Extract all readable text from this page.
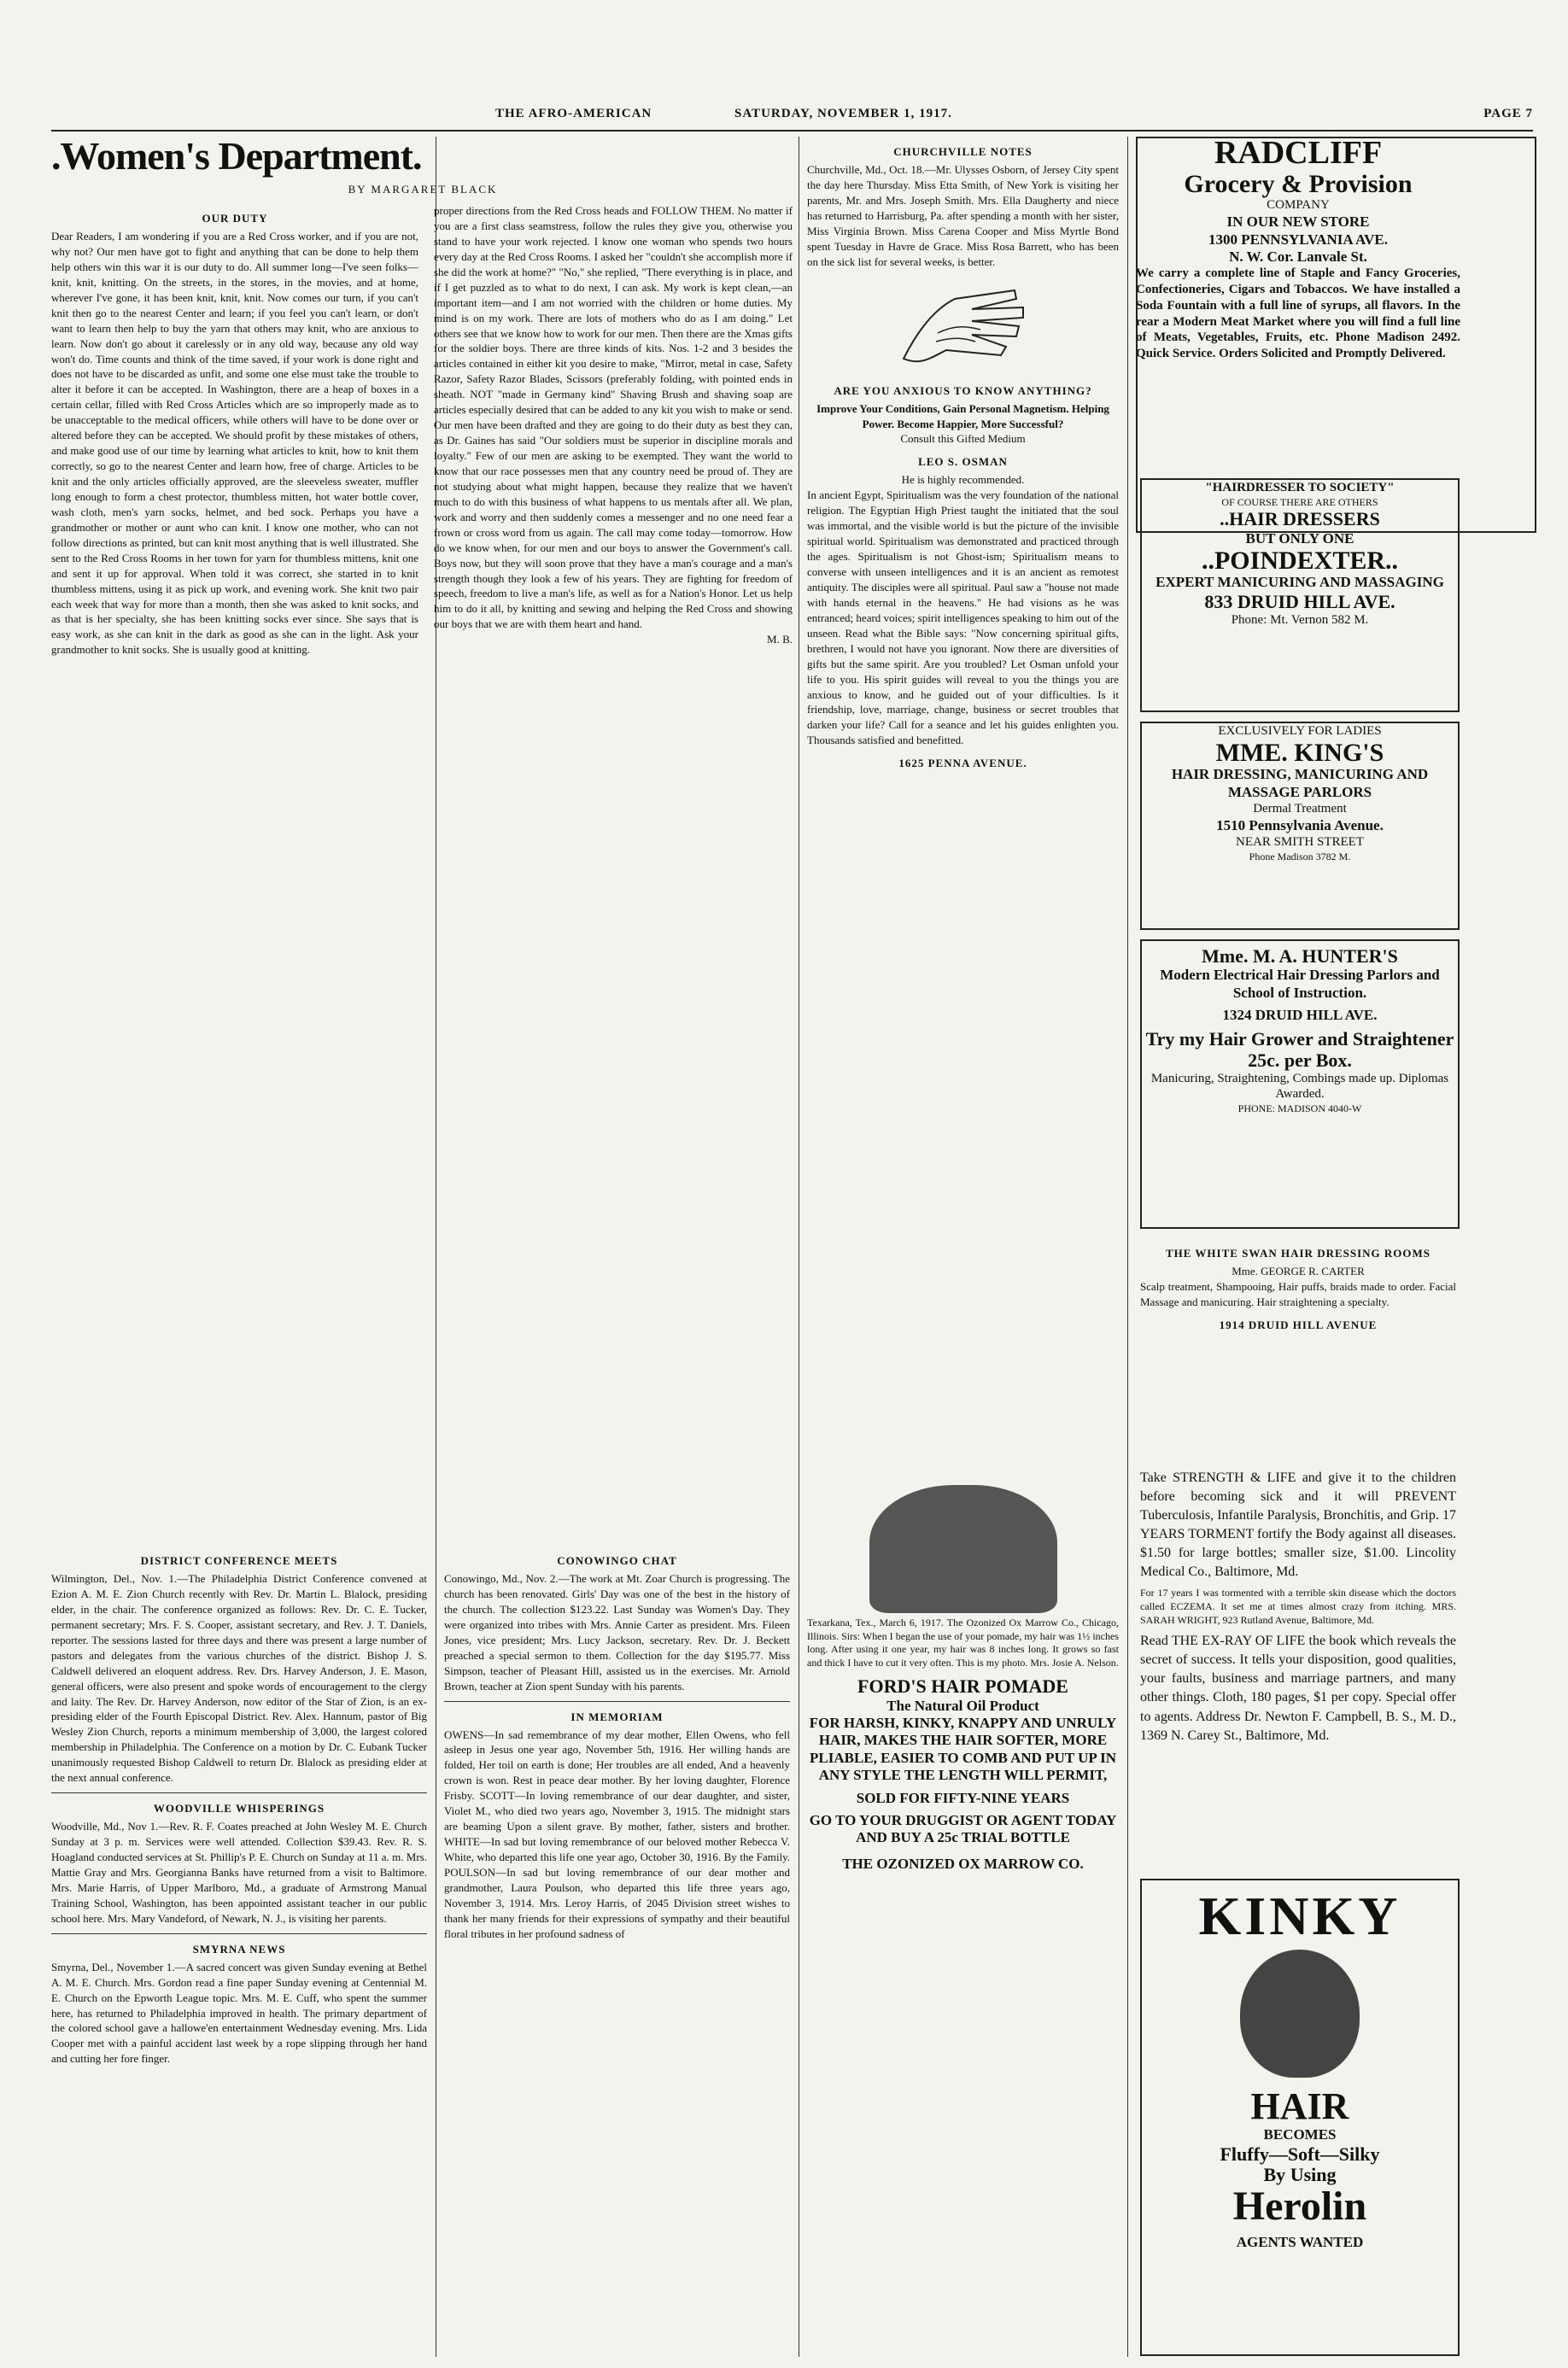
THE AFRO-AMERICAN	SATURDAY, NOVEMBER 1, 1917.	PAGE 7
.Women's Department.
BY MARGARET BLACK
OUR DUTY
Dear Readers, I am wondering if you are a Red Cross worker, and if you are not, why not? Our men have got to fight and anything that can be done to help them help others win this war it is our duty to do. All summer long—I've seen folks—knit, knit, knitting. On the streets, in the stores, in the movies, and at home, wherever I've gone, it has been knit, knit, knit. Now comes our turn, if you can't knit then go to the nearest Center and learn; if you feel you can't learn, or don't want to learn then help to buy the yarn that others may knit, who are anxious to learn. Now don't go about it carelessly or in any old way, because any old way won't do. Time counts and think of the time saved, if your work is done right and does not have to be discarded as unfit, and some one else must take the trouble to alter it before it can be accepted. In Washington, there are a heap of boxes in a certain cellar, filled with Red Cross Articles which are so improperly made as to be unacceptable to the medical officers, while others will have to be done over or altered before they can be accepted. We should profit by these mistakes of others, and make good use of our time by learning what articles to knit, how to knit them correctly, so go to the nearest Center and learn how, free of charge. Articles to be knit and the only articles officially approved, are the sleeveless sweater, muffler long enough to form a chest protector, thumbless mitten, hot water bottle cover, wash cloth, men's yarn socks, helmet, and bed sock. Perhaps you have a grandmother or mother or aunt who can knit. I know one mother, who can not follow directions as printed, but can knit most anything that is well illustrated. She sent to the Red Cross Rooms in her town for yarn for thumbless mittens, knit one and sent it up for approval. When told it was correct, she started in to knit thumbless mittens, using it as pick up work, and evening work. She knit two pair each week that way for more than a month, then she was asked to knit socks, and as that is her specialty, she has been knitting socks ever since. She says that is easy work, as she can knit in the dark as good as she can in the light. Ask your grandmother to knit socks. She is usually good at knitting.
proper directions from the Red Cross heads and FOLLOW THEM. No matter if you are a first class seamstress, follow the rules they give you, otherwise you stand to have your work rejected. I know one woman who spends two hours every day at the Red Cross Rooms. I asked her "couldn't she accomplish more if she did the work at home?" "No," she replied, "There everything is in place, and if I get puzzled as to what to do next, I can ask. My work is kept clean,—an important item—and I am not worried with the children or home duties. My mind is on my work. There are lots of mothers who do as I am doing." Let others see that we know how to work for our men. Then there are the Xmas gifts for the soldier boys. There are three kinds of kits. Nos. 1-2 and 3 besides the articles contained in either kit you desire to make, "Mirror, metal in case, Safety Razor, Safety Razor Blades, Scissors (preferably folding, with pointed ends in sheath. NOT "made in Germany kind" Shaving Brush and shaving soap are articles especially desired that can be added to any kit you wish to make or send. Our men have been drafted and they are going to do their duty as best they can, as Dr. Gaines has said "Our soldiers must be superior in discipline morals and loyalty." Few of our men are asking to be exempted. They want the world to know that our race possesses men that any country need be proud of. They are not studying about what might happen, because they realize that we haven't much to do with this business of what happens to us mentals after all. We plan, work and worry and then suddenly comes a messenger and no one need fear a frown or cross word from us again. The call may come today—tomorrow. How do we know when, for our men and our boys to answer the Government's call. Boys now, but they will soon prove that they have a man's courage and a man's strength though they look a few of his years. They are fighting for freedom of speech, freedom to live a man's life, as well as for a Nation's Honor. Let us help him to do it all, by knitting and sewing and helping the Red Cross and showing our boys that we are with them heart and hand.
M. B.
DISTRICT CONFERENCE MEETS
Wilmington, Del., Nov. 1.—The Philadelphia District Conference convened at Ezion A. M. E. Zion Church recently with Rev. Dr. Martin L. Blalock, presiding elder, in the chair. The conference organized as follows: Rev. Dr. C. E. Tucker, permanent secretary; Mrs. F. S. Cooper, assistant secretary, and Rev. J. T. Daniels, reporter. The sessions lasted for three days and there was present a large number of pastors and delegates from the various churches of the district. Bishop J. S. Caldwell delivered an eloquent address. Rev. Drs. Harvey Anderson, J. E. Mason, general officers, were also present and spoke words of encouragement to the clergy and laity. The Rev. Dr. Harvey Anderson, now editor of the Star of Zion, is an ex-presiding elder of the Fourth Episcopal District. Rev. Alex. Hannum, pastor of Big Wesley Zion Church, reports a minimum membership of 3,000, the largest colored membership in Philadelphia. The Conference on a motion by Dr. C. Eubank Tucker unanimously requested Bishop Caldwell to return Dr. Blalock as presiding elder at the next annual conference.
WOODVILLE WHISPERINGS
Woodville, Md., Nov 1.—Rev. R. F. Coates preached at John Wesley M. E. Church Sunday at 3 p. m. Services were well attended. Collection $39.43. Rev. R. S. Hoagland conducted services at St. Phillip's P. E. Church on Sunday at 11 a. m. Mrs. Mattie Gray and Mrs. Georgianna Banks have returned from a visit to Baltimore. Mrs. Marie Harris, of Upper Marlboro, Md., a graduate of Armstrong Manual Training School, Washington, has been appointed assistant teacher in our public school here. Mrs. Mary Vandeford, of Newark, N. J., is visiting her parents.
SMYRNA NEWS
Smyrna, Del., November 1.—A sacred concert was given Sunday evening at Bethel A. M. E. Church. Mrs. Gordon read a fine paper Sunday evening at Centennial M. E. Church on the Epworth League topic. Mrs. M. E. Cuff, who spent the summer here, has returned to Philadelphia improved in health. The primary department of the colored school gave a hallowe'en entertainment Wednesday evening. Mrs. Lida Cooper met with a painful accident last week by a rope slipping through her hand and cutting her fore finger.
CONOWINGO CHAT
Conowingo, Md., Nov. 2.—The work at Mt. Zoar Church is progressing. The church has been renovated. Girls' Day was one of the best in the history of the church. The collection $123.22. Last Sunday was Women's Day. They were organized into tribes with Mrs. Annie Carter as president. Mrs. Fileen Jones, vice president; Mrs. Lucy Jackson, secretary. Rev. Dr. J. Beckett preached a special sermon to them. Collection for the day $195.77. Miss Simpson, teacher of Pleasant Hill, assisted us in the exercises. Mr. Arnold Brown, teacher at Zion spent Sunday with his parents.
IN MEMORIAM
OWENS—In sad remembrance of my dear mother, Ellen Owens, who fell asleep in Jesus one year ago, November 5th, 1916. Her willing hands are folded, Her toil on earth is done; Her troubles are all ended, And a heavenly crown is won. Rest in peace dear mother. By her loving daughter, Florence Frisby. SCOTT—In loving remembrance of our dear daughter, and sister, Violet M., who died two years ago, November 3, 1915. The midnight stars are beaming Upon a silent grave. By mother, father, sisters and brother. WHITE—In sad but loving remembrance of our beloved mother Rebecca V. White, who departed this life one year ago, October 30, 1916. By the Family. POULSON—In sad but loving remembrance of our dear mother and grandmother, Laura Poulson, who departed this life three years ago, November 3, 1914. Mrs. Leroy Harris, of 2045 Division street wishes to thank her many friends for their expressions of sympathy and their beautiful floral tributes in her profound sadness of
CHURCHVILLE NOTES
Churchville, Md., Oct. 18.—Mr. Ulysses Osborn, of Jersey City spent the day here Thursday. Miss Etta Smith, of New York is visiting her parents, Mr. and Mrs. Joseph Smith. Mrs. Ella Daugherty and niece has returned to Harrisburg, Pa. after spending a month with her sister, Miss Virginia Brown. Miss Carena Cooper and Miss Myrtle Bond spent Tuesday in Havre de Grace. Miss Rosa Barrett, who has been on the sick list for several weeks, is better.
ARE YOU ANXIOUS TO KNOW ANYTHING?
Improve Your Conditions, Gain Personal Magnetism. Helping Power. Become Happier, More Successful?
Consult this Gifted Medium
LEO S. OSMAN
He is highly recommended.
In ancient Egypt, Spiritualism was the very foundation of the national religion. The Egyptian High Priest taught the initiated that the soul was immortal, and the visible world is but the picture of the invisible spiritual world. Spiritualism was demonstrated and practiced through the ages. Spiritualism is not Ghost-ism; Spiritualism means to converse with unseen intelligences and it is an ancient as remotest antiquity. The disciples were all spiritual. Paul saw a "house not made with hands eternal in the heavens." He had visions as he was entranced; heard voices; spirit intelligences speaking to him out of the unseen. Read what the Bible says: "Now concerning spiritual gifts, brethren, I would not have you ignorant. Now there are diversities of gifts but the same spirit. Are you troubled? Let Osman unfold your life to you. His spirit guides will reveal to you the things you are anxious to know, and he guided out of your difficulties. Is it friendship, love, marriage, change, business or secret troubles that darken your life? Call for a seance and let his guides enlighten you. Thousands satisfied and benefitted.
1625 PENNA AVENUE.
Texarkana, Tex., March 6, 1917. The Ozonized Ox Marrow Co., Chicago, Illinois. Sirs: When I began the use of your pomade, my hair was 1½ inches long. After using it one year, my hair was 8 inches long. It grows so fast and thick I have to cut it very often. This is my photo. Mrs. Josie A. Nelson.
FORD'S HAIR POMADE
The Natural Oil Product
FOR HARSH, KINKY, KNAPPY AND UNRULY HAIR, MAKES THE HAIR SOFTER, MORE PLIABLE, EASIER TO COMB AND PUT UP IN ANY STYLE THE LENGTH WILL PERMIT,
SOLD FOR FIFTY-NINE YEARS
GO TO YOUR DRUGGIST OR AGENT TODAY AND BUY A 25c TRIAL BOTTLE
THE OZONIZED OX MARROW CO.
RADCLIFF
Grocery & Provision
COMPANY
IN OUR NEW STORE
1300 PENNSYLVANIA AVE.
N. W. Cor. Lanvale St.
We carry a complete line of Staple and Fancy Groceries, Confectioneries, Cigars and Tobaccos. We have installed a Soda Fountain with a full line of syrups, all flavors. In the rear a Modern Meat Market where you will find a full line of Meats, Vegetables, Fruits, etc. Phone Madison 2492. Quick Service. Orders Solicited and Promptly Delivered.
"HAIRDRESSER TO SOCIETY"
OF COURSE THERE ARE OTHERS
..HAIR DRESSERS
BUT ONLY ONE
..POINDEXTER..
EXPERT MANICURING AND MASSAGING
833 DRUID HILL AVE.
Phone: Mt. Vernon 582 M.
EXCLUSIVELY FOR LADIES
MME. KING'S
HAIR DRESSING, MANICURING AND MASSAGE PARLORS
Dermal Treatment
1510 Pennsylvania Avenue.
NEAR SMITH STREET
Phone Madison 3782 M.
Mme. M. A. HUNTER'S
Modern Electrical Hair Dressing Parlors and School of Instruction.
1324 DRUID HILL AVE.
Try my Hair Grower and Straightener 25c. per Box.
Manicuring, Straightening, Combings made up. Diplomas Awarded.
PHONE: MADISON 4040-W
THE WHITE SWAN HAIR DRESSING ROOMS
Mme. GEORGE R. CARTER
Scalp treatment, Shampooing, Hair puffs, braids made to order. Facial Massage and manicuring. Hair straightening a specialty.
1914 DRUID HILL AVENUE
Take STRENGTH & LIFE and give it to the children before becoming sick and it will PREVENT Tuberculosis, Infantile Paralysis, Bronchitis, and Grip. 17 YEARS TORMENT fortify the Body against all diseases. $1.50 for large bottles; smaller size, $1.00. Lincolity Medical Co., Baltimore, Md.
For 17 years I was tormented with a terrible skin disease which the doctors called ECZEMA. It set me at times almost crazy from itching. MRS. SARAH WRIGHT, 923 Rutland Avenue, Baltimore, Md.
Read THE EX-RAY OF LIFE the book which reveals the secret of success. It tells your disposition, good qualities, your faults, business and marriage partners, and many other things. Cloth, 180 pages, $1 per copy. Special offer to agents. Address Dr. Newton F. Campbell, B. S., M. D., 1369 N. Carey St., Baltimore, Md.
KINKY
HAIR
BECOMES
Fluffy—Soft—Silky
By Using
Herolin
AGENTS WANTED
